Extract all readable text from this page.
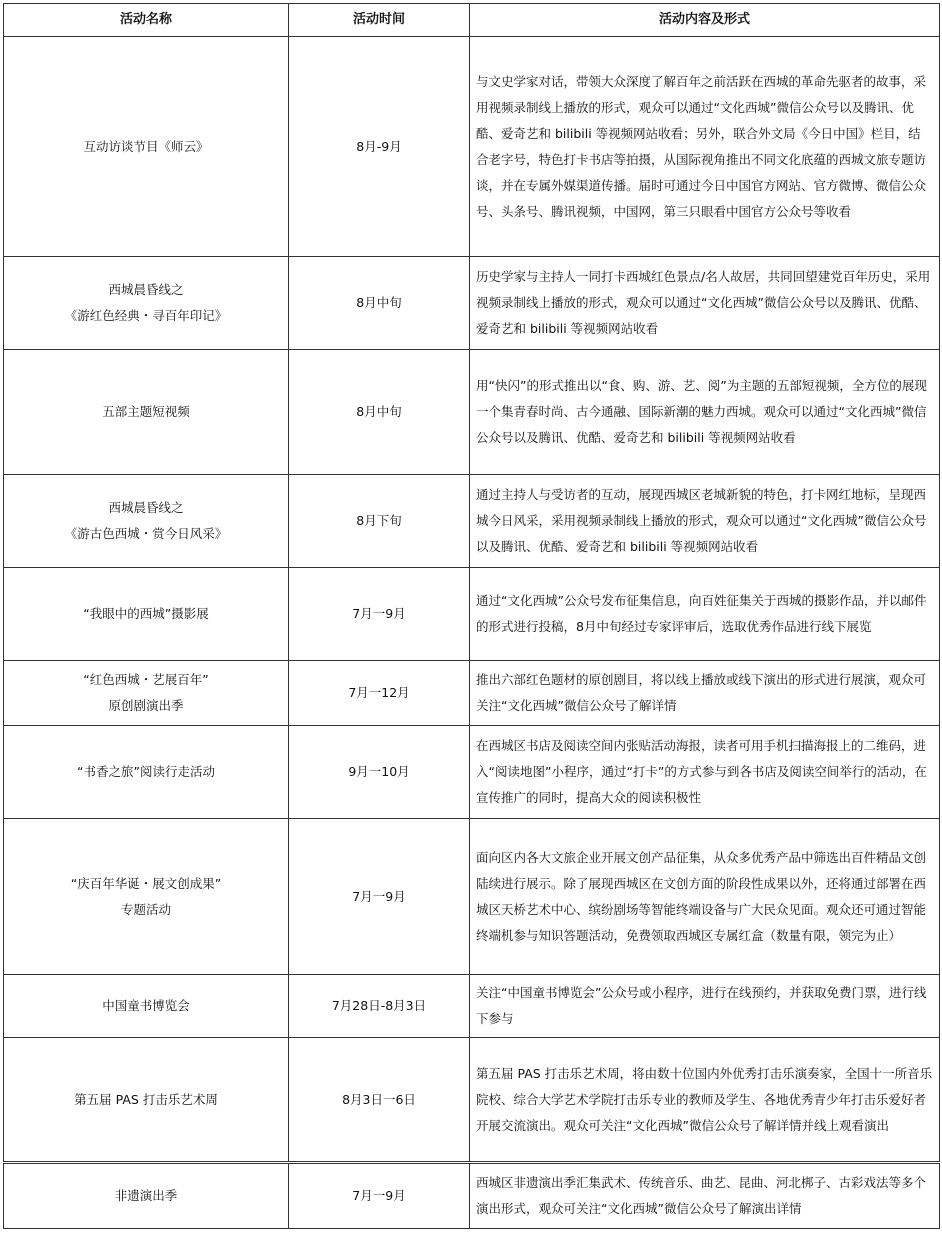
活动名称	活动时间	活动内容及形式

互动访谈节目《师云》	8月-9月	与文史学家对话，带领大众深度了解百年之前活跃在西城的革命先驱者的故事，采用视频录制线上播放的形式，观众可以通过“文化西城”微信公众号以及腾讯、优酷、爱奇艺和 bilibili 等视频网站收看；另外，联合外文局《今日中国》栏目，结合老字号，特色打卡书店等拍摄，从国际视角推出不同文化底蕴的西城文旅专题访谈，并在专属外媒渠道传播。届时可通过今日中国官方网站、官方微博、微信公众号、头条号、腾讯视频，中国网，第三只眼看中国官方公众号等收看

西城晨昏线之
《游红色经典・寻百年印记》	8月中旬	历史学家与主持人一同打卡西城红色景点/名人故居，共同回望建党百年历史，采用视频录制线上播放的形式，观众可以通过“文化西城”微信公众号以及腾讯、优酷、爱奇艺和 bilibili 等视频网站收看

五部主题短视频	8月中旬	用“快闪”的形式推出以“食、购、游、艺、阅”为主题的五部短视频，全方位的展现一个集青春时尚、古今通融、国际新潮的魅力西城。观众可以通过“文化西城”微信公众号以及腾讯、优酷、爱奇艺和 bilibili 等视频网站收看

西城晨昏线之
《游古色西城・赏今日风采》	8月下旬	通过主持人与受访者的互动，展现西城区老城新貌的特色，打卡网红地标，呈现西城今日风采，采用视频录制线上播放的形式，观众可以通过“文化西城”微信公众号以及腾讯、优酷、爱奇艺和 bilibili 等视频网站收看

“我眼中的西城”摄影展	7月一9月	通过“文化西城”公众号发布征集信息，向百姓征集关于西城的摄影作品，并以邮件的形式进行投稿，8月中旬经过专家评审后，选取优秀作品进行线下展览

“红色西城・艺展百年”
原创剧演出季	7月一12月	推出六部红色题材的原创剧目，将以线上播放或线下演出的形式进行展演，观众可关注“文化西城”微信公众号了解详情

“书香之旅”阅读行走活动	9月一10月	在西城区书店及阅读空间内张贴活动海报，读者可用手机扫描海报上的二维码，进入“阅读地图”小程序，通过“打卡”的方式参与到各书店及阅读空间举行的活动，在宣传推广的同时，提高大众的阅读积极性

“庆百年华诞・展文创成果”
专题活动	7月一9月	面向区内各大文旅企业开展文创产品征集，从众多优秀产品中筛选出百件精品文创陆续进行展示。除了展现西城区在文创方面的阶段性成果以外，还将通过部署在西城区天桥艺术中心、缤纷剧场等智能终端设备与广大民众见面。观众还可通过智能终端机参与知识答题活动，免费领取西城区专属红盒（数量有限，领完为止）

中国童书博览会	7月28日-8月3日	关注“中国童书博览会”公众号或小程序，进行在线预约，并获取免费门票，进行线下参与

第五届 PAS 打击乐艺术周	8月3日一6日	第五届 PAS 打击乐艺术周，将由数十位国内外优秀打击乐演奏家，全国十一所音乐院校、综合大学艺术学院打击乐专业的教师及学生、各地优秀青少年打击乐爱好者开展交流演出。观众可关注“文化西城”微信公众号了解详情并线上观看演出

非遗演出季	7月一9月	西城区非遗演出季汇集武术、传统音乐、曲艺、昆曲、河北梆子、古彩戏法等多个演出形式，观众可关注“文化西城”微信公众号了解演出详情
